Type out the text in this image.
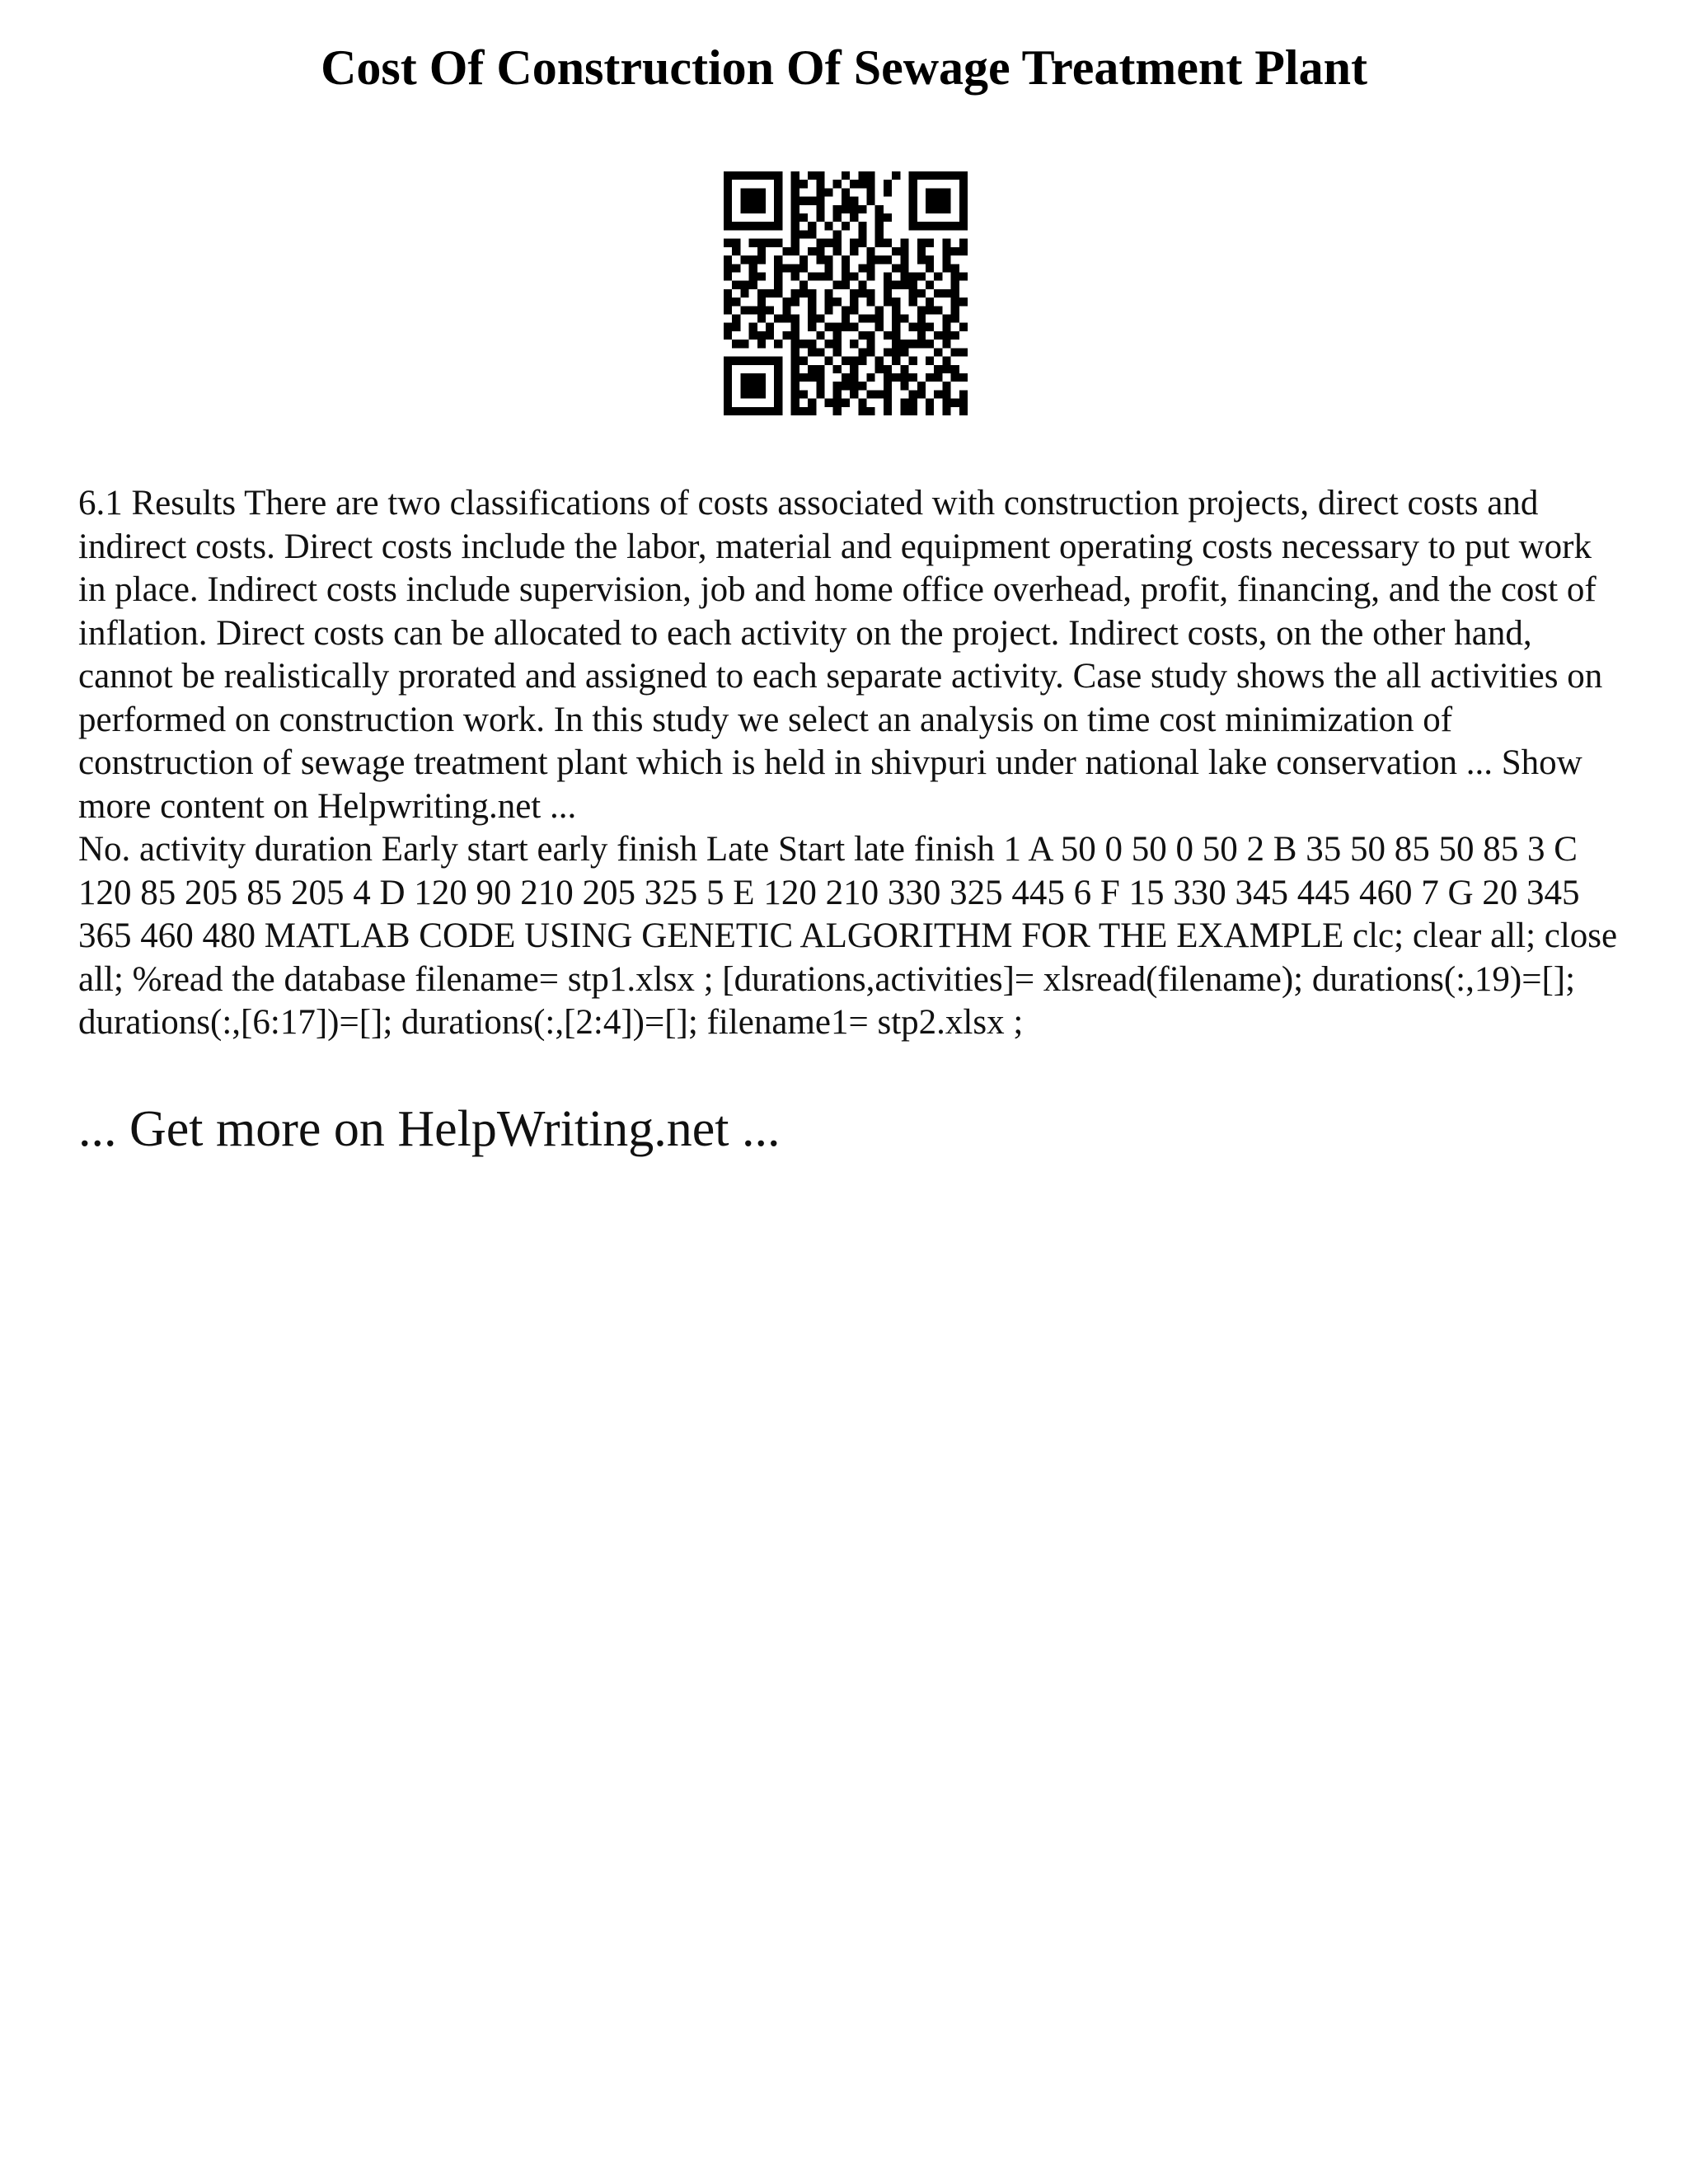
Cost Of Construction Of Sewage Treatment Plant

6.1 Results There are two classifications of costs associated with construction projects, direct costs and indirect costs. Direct costs include the labor, material and equipment operating costs necessary to put work in place. Indirect costs include supervision, job and home office overhead, profit, financing, and the cost of inflation. Direct costs can be allocated to each activity on the project. Indirect costs, on the other hand, cannot be realistically prorated and assigned to each separate activity. Case study shows the all activities on performed on construction work. In this study we select an analysis on time cost minimization of construction of sewage treatment plant which is held in shivpuri under national lake conservation ... Show more content on Helpwriting.net ...

No. activity duration Early start early finish Late Start late finish 1 A 50 0 50 0 50 2 B 35 50 85 50 85 3 C 120 85 205 85 205 4 D 120 90 210 205 325 5 E 120 210 330 325 445 6 F 15 330 345 445 460 7 G 20 345 365 460 480 MATLAB CODE USING GENETIC ALGORITHM FOR THE EXAMPLE clc; clear all; close all; %read the database filename= stp1.xlsx ; [durations,activities]= xlsread(filename); durations(:,19)=[]; durations(:,[6:17])=[]; durations(:,[2:4])=[]; filename1= stp2.xlsx ;

... Get more on HelpWriting.net ...
